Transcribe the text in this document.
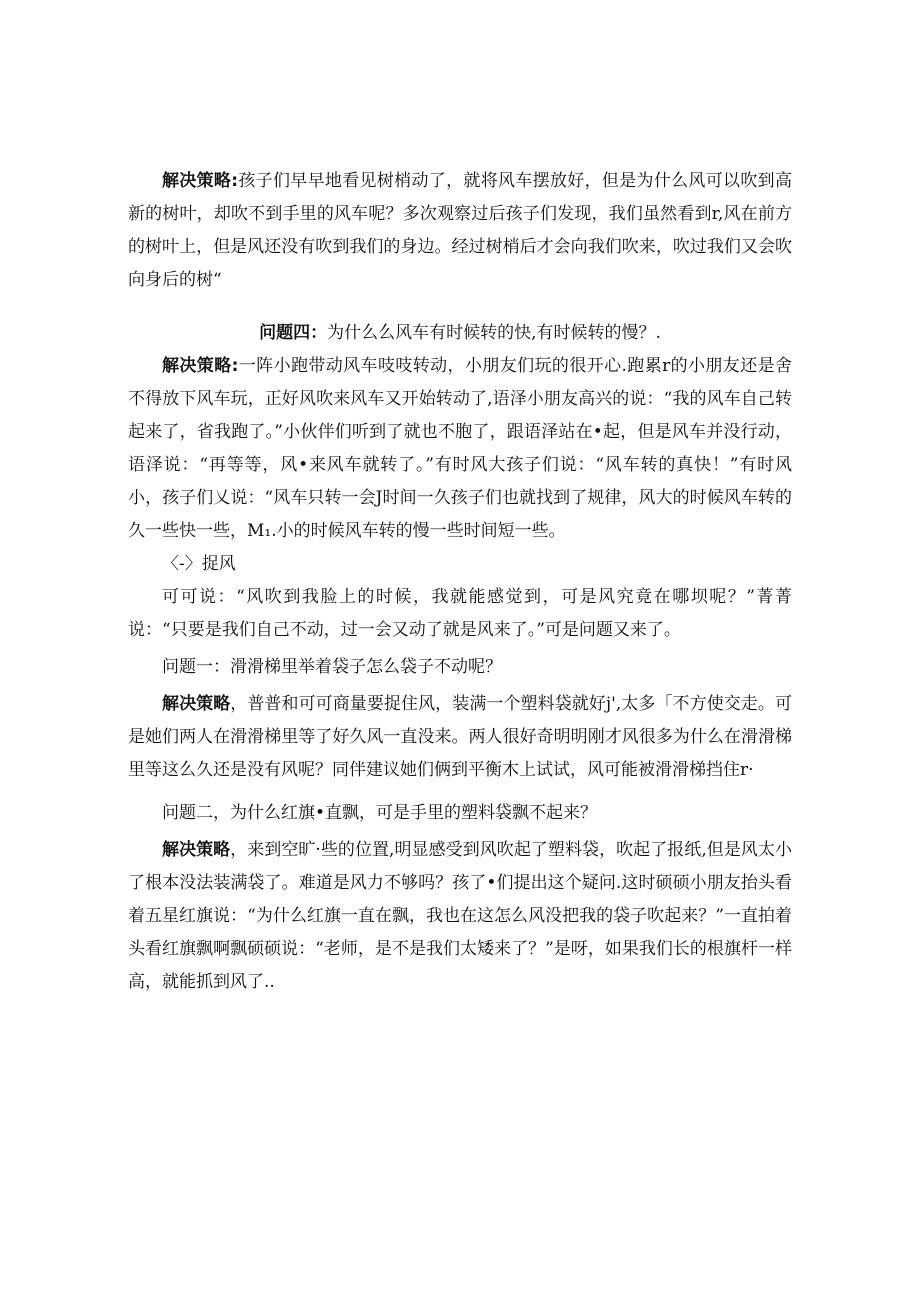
解决策略:孩子们早早地看见树梢动了，就将风车摆放好，但是为什么风可以吹到高新的树叶，却吹不到手里的风车呢？多次观察过后孩子们发现，我们虽然看到r,风在前方的树叶上，但是风还没有吹到我们的身边。经过树梢后才会向我们吹来，吹过我们又会吹向身后的树“

问题四：为什么么风车有时候转的快,有时候转的慢？.

解决策略:一阵小跑带动风车吱吱转动，小朋友们玩的很开心.跑累r的小朋友还是舍不得放下风车玩，正好风吹来风车又开始转动了,语泽小朋友高兴的说：“我的风车自己转起来了，省我跑了。”小伙伴们听到了就也不胞了，跟语泽站在•起，但是风车并没行动，语泽说：“再等等，风•来风车就转了。”有时风大孩子们说：“风车转的真快！”有时风小，孩子们乂说：“风车只转一会J时间一久孩子们也就找到了规律，风大的时候风车转的久一些快一些，M₁.小的时候风车转的慢一些时间短一些。

〈-〉捉风

可可说：“风吹到我脸上的时候，我就能感觉到，可是风究竟在哪坝呢？”菁菁说：“只要是我们自己不动，过一会又动了就是风来了。”可是问题又来了。

问题一：滑滑梯里举着袋子怎么袋子不动呢？

解决策略，普普和可可商量要捉住风，装满一个塑料袋就好j',太多「不方使交走。可是她们两人在滑滑梯里等了好久风一直没来。两人很好奇明明刚才风很多为什么在滑滑梯里等这么久还是没有风呢？同伴建议她们俩到平衡木上试试，风可能被滑滑梯挡住r·

问题二，为什么红旗•直飘，可是手里的塑料袋飘不起来？

解决策略，来到空旷·些的位置,明显感受到风吹起了塑料袋，吹起了报纸,但是风太小了根本没法装满袋了。难道是风力不够吗？孩了•们提出这个疑问.这时硕硕小朋友抬头看着五星红旗说：“为什么红旗一直在飘，我也在这怎么风没把我的袋子吹起来？”一直拍着头看红旗飘啊飘硕硕说：“老师，是不是我们太矮来了？”是呀，如果我们长的根旗杆一样高，就能抓到风了..
